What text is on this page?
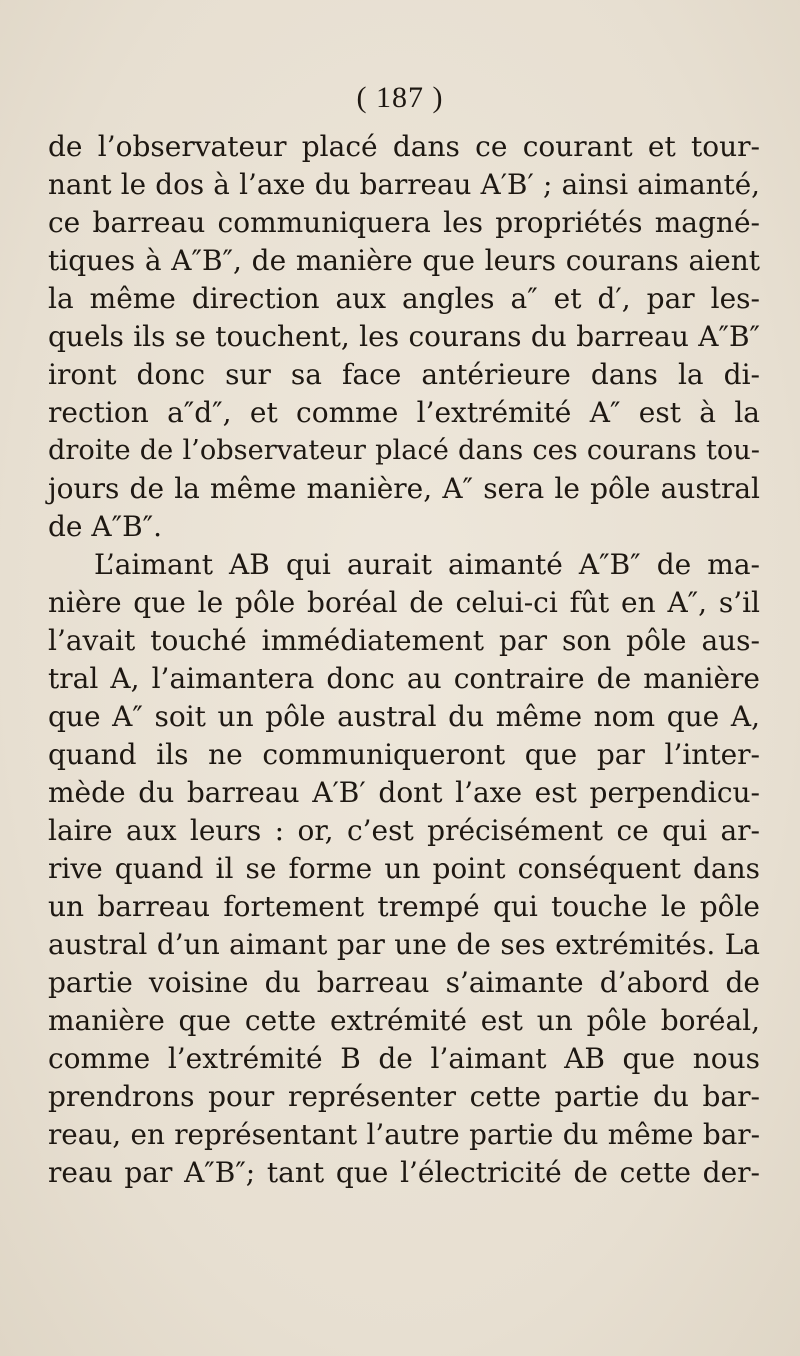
( 187 )
de l’observateur placé dans ce courant et tour-
nant le dos à l’axe du barreau A′B′ ; ainsi aimanté,
ce barreau communiquera les propriétés magné-
tiques à A″B″, de manière que leurs courans aient
la même direction aux angles a″ et d′, par les-
quels ils se touchent, les courans du barreau A″B″
iront donc sur sa face antérieure dans la di-
rection a″d″, et comme l’extrémité A″ est à la
droite de l’observateur placé dans ces courans tou-
jours de la même manière, A″ sera le pôle austral
de A″B″.
L’aimant AB qui aurait aimanté A″B″ de ma-
nière que le pôle boréal de celui-ci fût en A″, s’il
l’avait touché immédiatement par son pôle aus-
tral A, l’aimantera donc au contraire de manière
que A″ soit un pôle austral du même nom que A,
quand ils ne communiqueront que par l’inter-
mède du barreau A′B′ dont l’axe est perpendicu-
laire aux leurs : or, c’est précisément ce qui ar-
rive quand il se forme un point conséquent dans
un barreau fortement trempé qui touche le pôle
austral d’un aimant par une de ses extrémités. La
partie voisine du barreau s’aimante d’abord de
manière que cette extrémité est un pôle boréal,
comme l’extrémité B de l’aimant AB que nous
prendrons pour représenter cette partie du bar-
reau, en représentant l’autre partie du même bar-
reau par A″B″; tant que l’électricité de cette der-
